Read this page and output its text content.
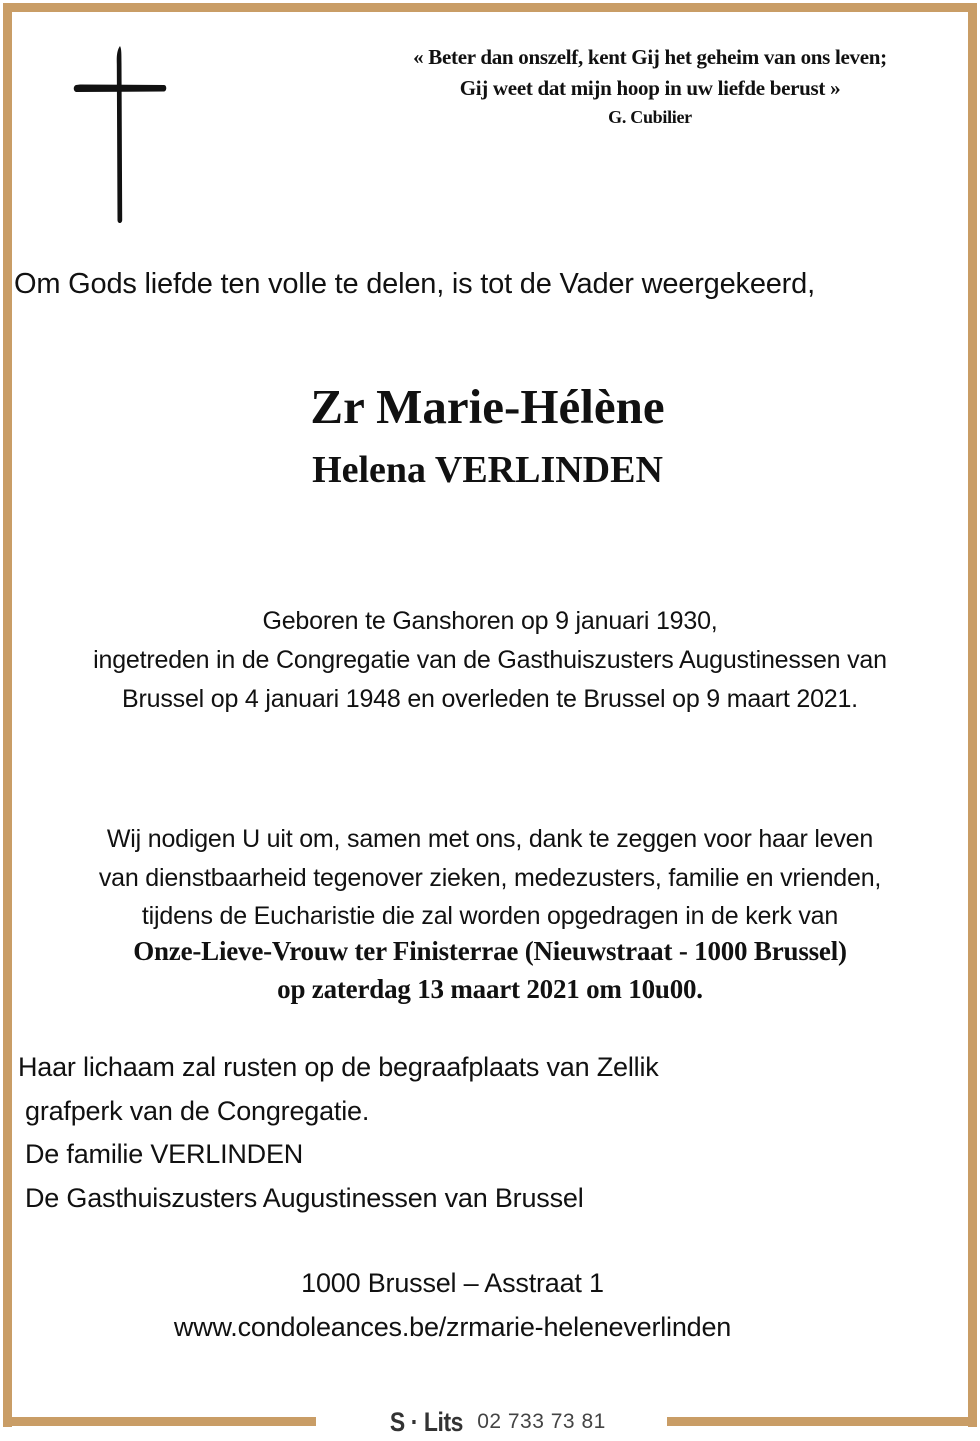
« Beter dan onszelf, kent Gij het geheim van ons leven;
Gij weet dat mijn hoop in uw liefde berust »
G. Cubilier
Om Gods liefde ten volle te delen, is tot de Vader weergekeerd,
Zr Marie-Hélène
Helena VERLINDEN
Geboren te Ganshoren op 9 januari 1930,
ingetreden in de Congregatie van de Gasthuiszusters Augustinessen van
Brussel op 4 januari 1948 en overleden te Brussel op 9 maart 2021.
Wij nodigen U uit om, samen met ons, dank te zeggen voor haar leven
van dienstbaarheid tegenover zieken, medezusters, familie en vrienden,
tijdens de Eucharistie die zal worden opgedragen in de kerk van
Onze-Lieve-Vrouw ter Finisterrae (Nieuwstraat - 1000 Brussel)
op zaterdag 13 maart 2021 om 10u00.
Haar lichaam zal rusten op de begraafplaats van Zellik
grafperk van de Congregatie.
De familie VERLINDEN
De Gasthuiszusters Augustinessen van Brussel
1000 Brussel – Asstraat 1
www.condoleances.be/zrmarie-heleneverlinden
S · Lits 02 733 73 81
